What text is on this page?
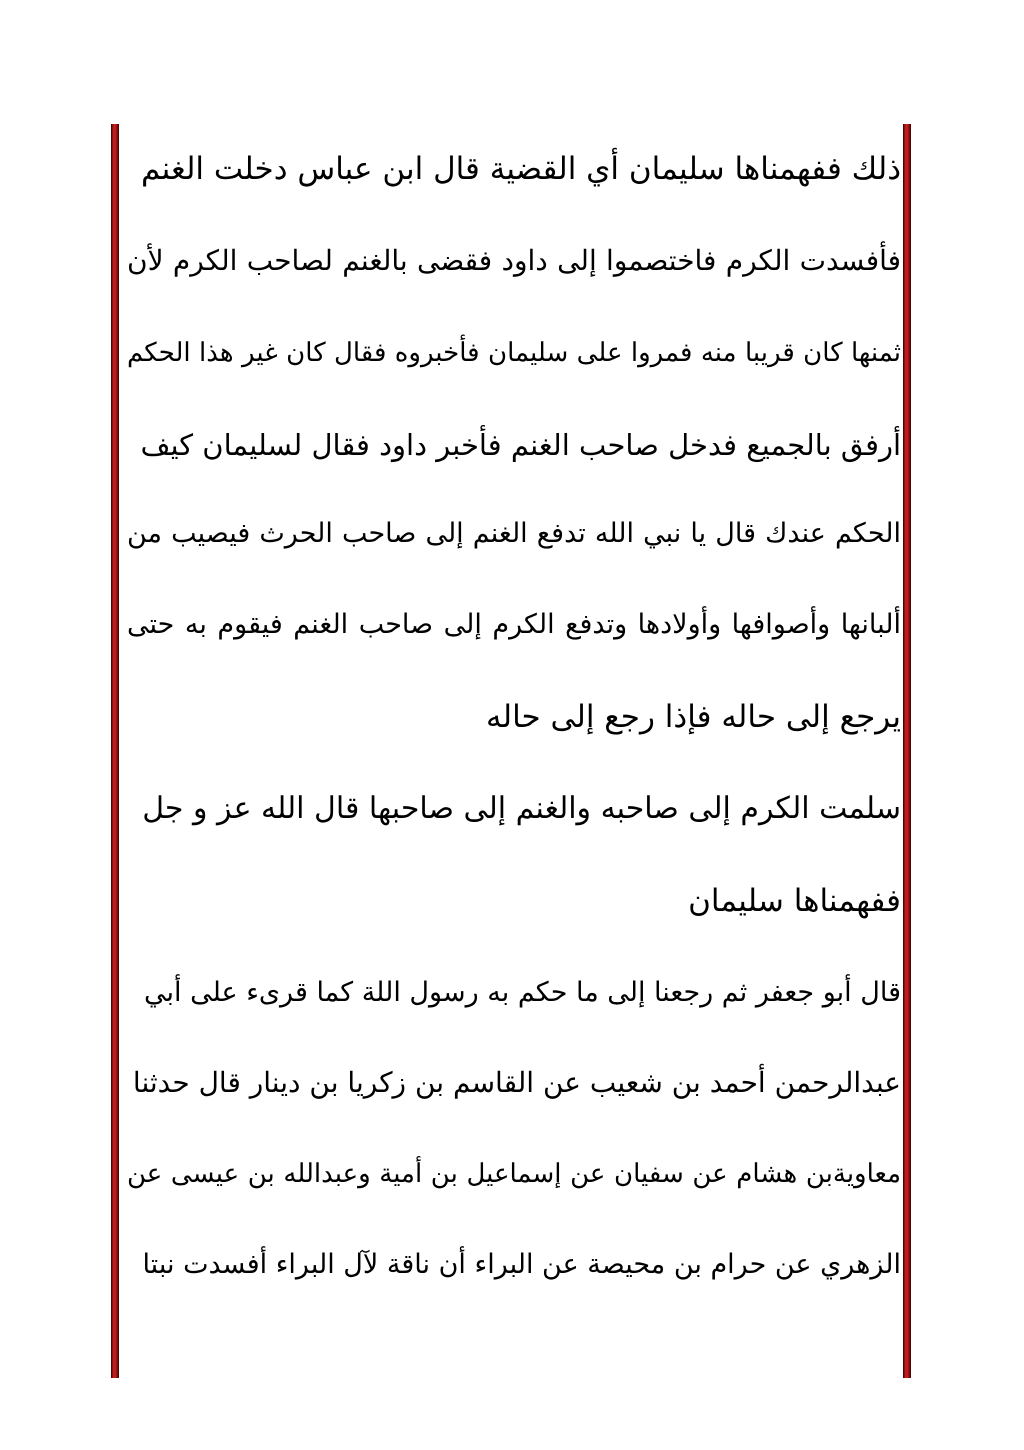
ذلك ففهمناها سليمان أي القضية قال ابن عباس دخلت الغنم
فأفسدت الكرم فاختصموا إلى داود فقضى بالغنم لصاحب الكرم لأن
ثمنها كان قريبا منه فمروا على سليمان فأخبروه فقال كان غير هذا الحكم
أرفق بالجميع فدخل صاحب الغنم فأخبر داود فقال لسليمان كيف
الحكم عندك قال يا نبي الله تدفع الغنم إلى صاحب الحرث فيصيب من
ألبانها وأصوافها وأولادها وتدفع الكرم إلى صاحب الغنم فيقوم به حتى
يرجع إلى حاله فإذا رجع إلى حاله
سلمت الكرم إلى صاحبه والغنم إلى صاحبها قال الله عز و جل
ففهمناها سليمان
قال أبو جعفر ثم رجعنا إلى ما حكم به رسول اللة كما قرىء على أبي
عبدالرحمن أحمد بن شعيب عن القاسم بن زكريا بن دينار قال حدثنا
معاويةبن هشام عن سفيان عن إسماعيل بن أمية وعبدالله بن عيسى عن
الزهري عن حرام بن محيصة عن البراء أن ناقة لآل البراء أفسدت نبتا
